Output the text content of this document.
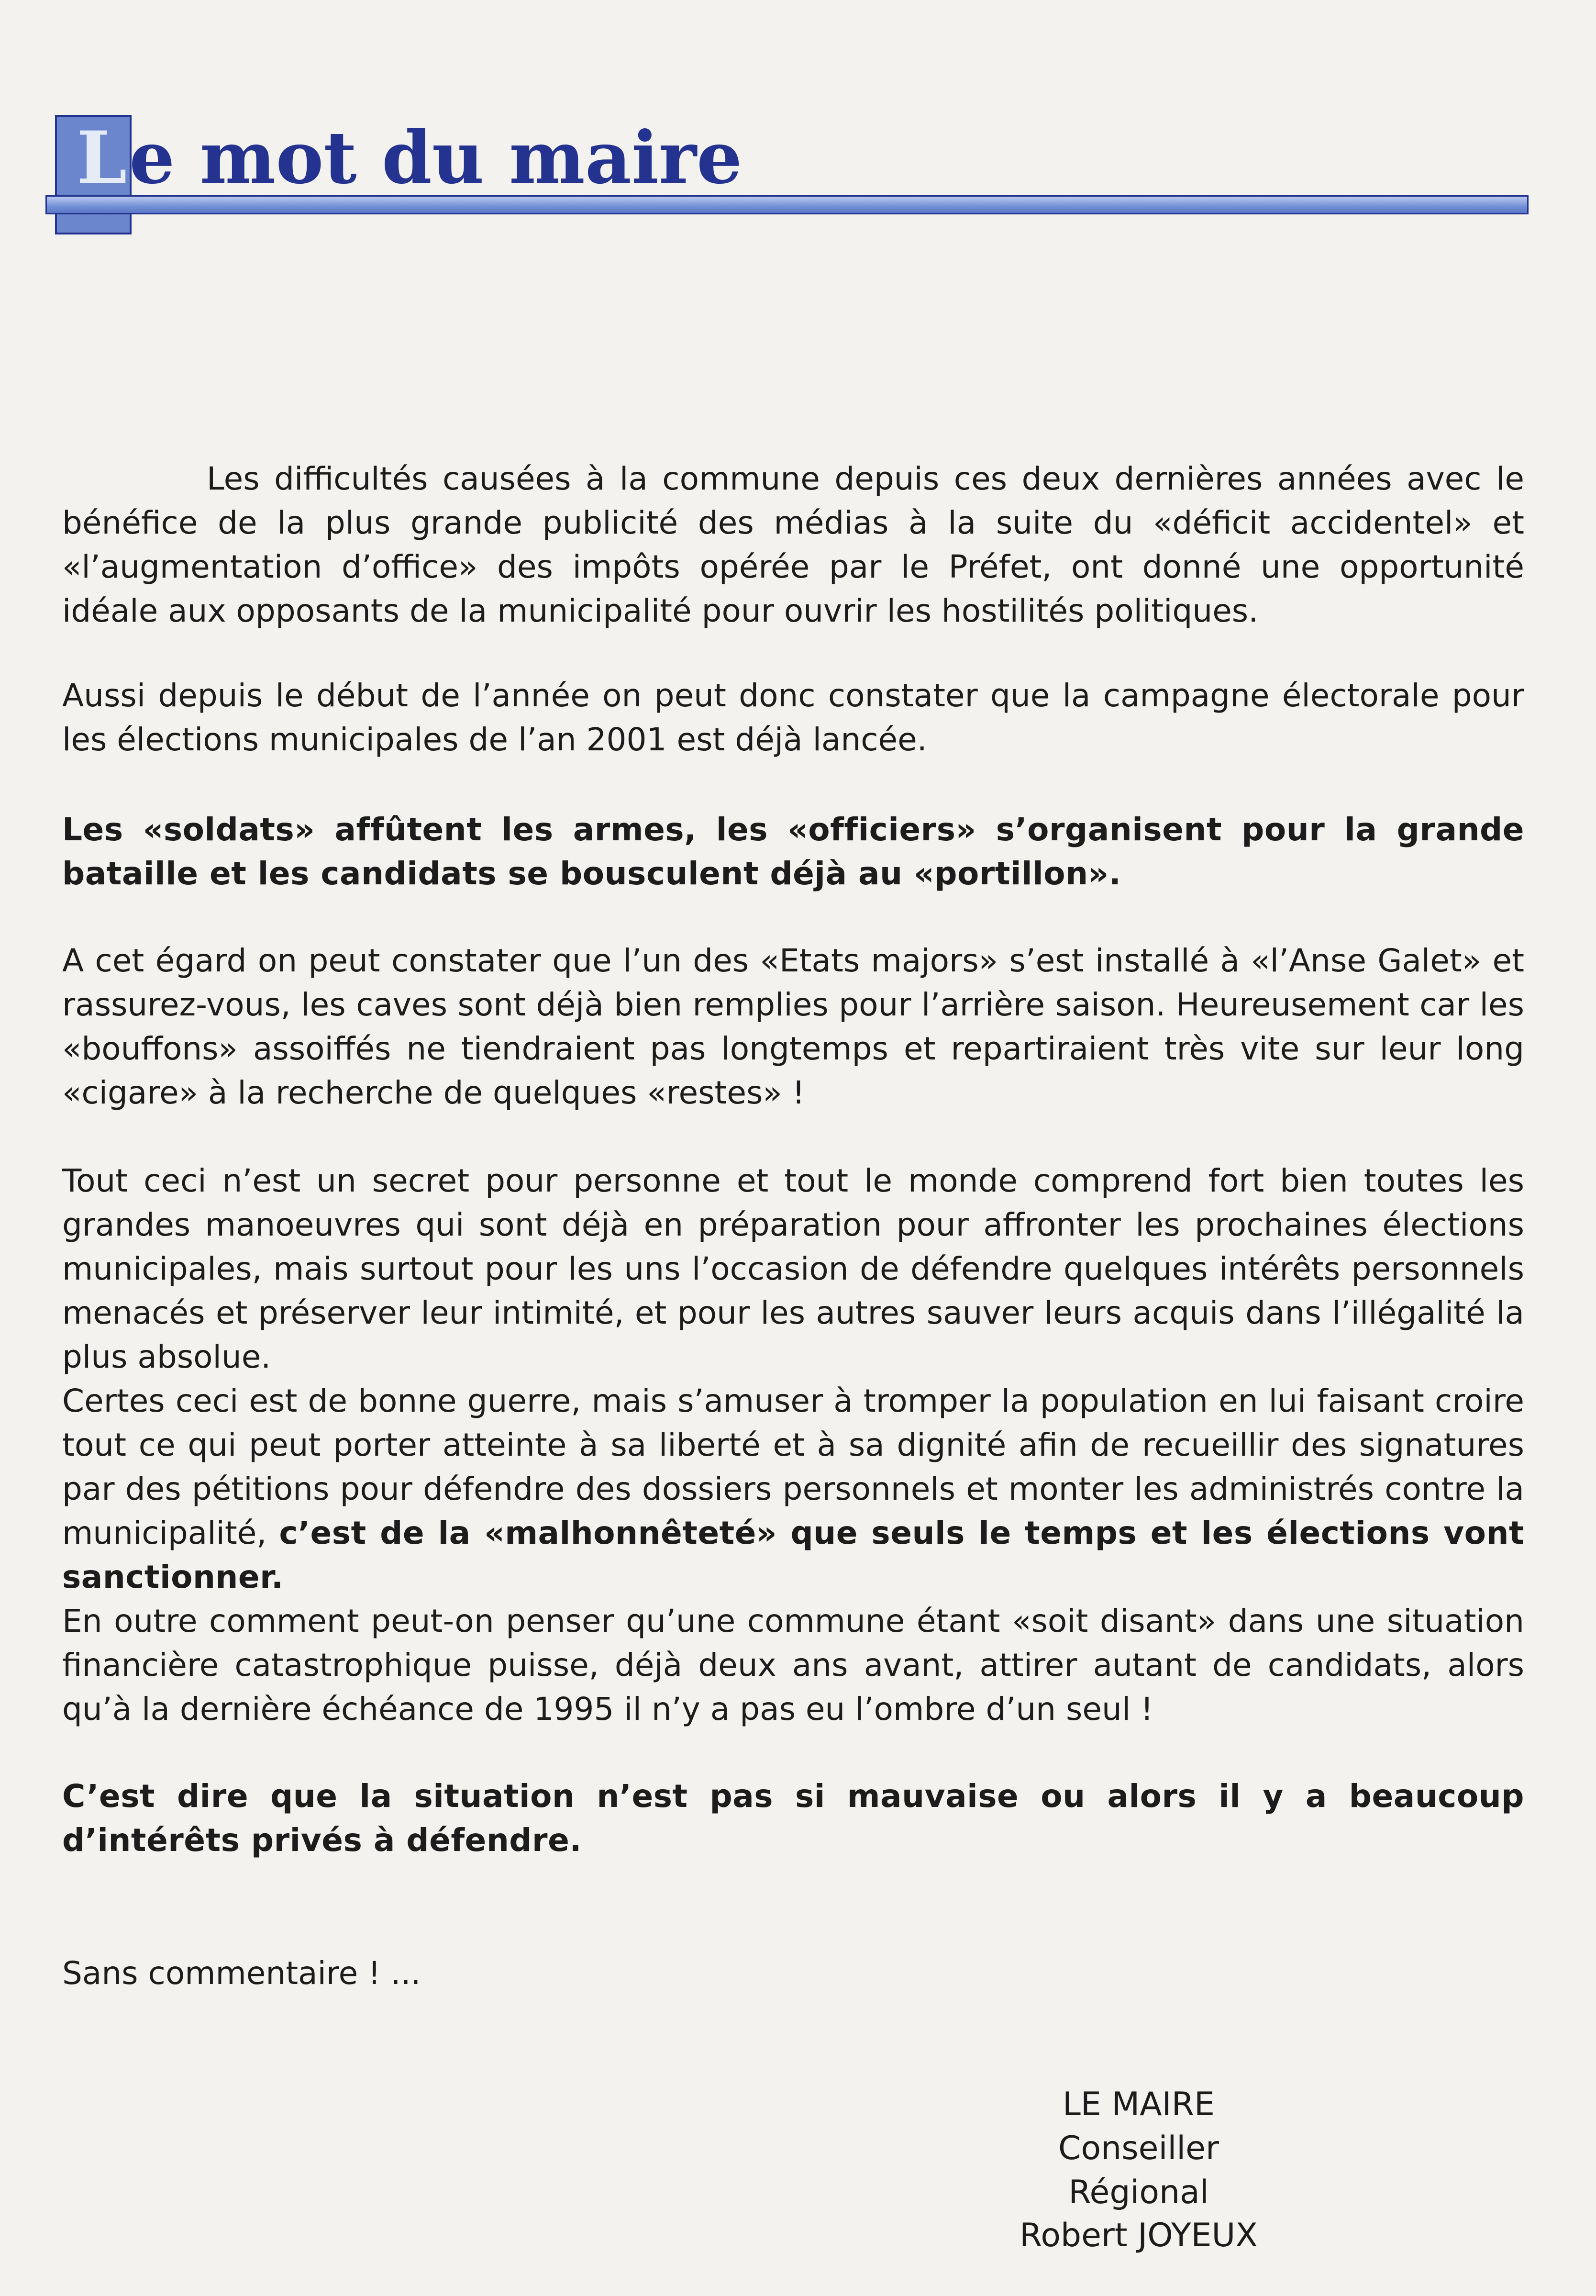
L e mot du maire

Les difficultés causées à la commune depuis ces deux dernières années avec le bénéfice de la plus grande publicité des médias à la suite du «déficit accidentel» et «l’augmentation d’office» des impôts opérée par le Préfet, ont donné une opportunité idéale aux opposants de la municipalité pour ouvrir les hostilités politiques.

Aussi depuis le début de l’année on peut donc constater que la campagne électorale pour les élections municipales de l’an 2001 est déjà lancée.

Les «soldats» affûtent les armes, les «officiers» s’organisent pour la grande bataille et les candidats se bousculent déjà au «portillon».

A cet égard on peut constater que l’un des «Etats majors» s’est installé à «l’Anse Galet» et rassurez-vous, les caves sont déjà bien remplies pour l’arrière saison. Heureusement car les «bouffons» assoiffés ne tiendraient pas longtemps et repartiraient très vite sur leur long «cigare» à la recherche de quelques «restes» !

Tout ceci n’est un secret pour personne et tout le monde comprend fort bien toutes les grandes manoeuvres qui sont déjà en préparation pour affronter les prochaines élections municipales, mais surtout pour les uns l’occasion de défendre quelques intérêts personnels menacés et préserver leur intimité, et pour les autres sauver leurs acquis dans l’illégalité la plus absolue.

Certes ceci est de bonne guerre, mais s’amuser à tromper la population en lui faisant croire tout ce qui peut porter atteinte à sa liberté et à sa dignité afin de recueillir des signatures par des pétitions pour défendre des dossiers personnels et monter les administrés contre la municipalité, c’est de la «malhonnêteté» que seuls le temps et les élections vont sanctionner.

En outre comment peut-on penser qu’une commune étant «soit disant» dans une situation financière catastrophique puisse, déjà deux ans avant, attirer autant de candidats, alors qu’à la dernière échéance de 1995 il n’y a pas eu l’ombre d’un seul !

C’est dire que la situation n’est pas si mauvaise ou alors il y a beaucoup d’intérêts privés à défendre.

Sans commentaire ! ...

LE MAIRE
Conseiller Régional
Robert JOYEUX
